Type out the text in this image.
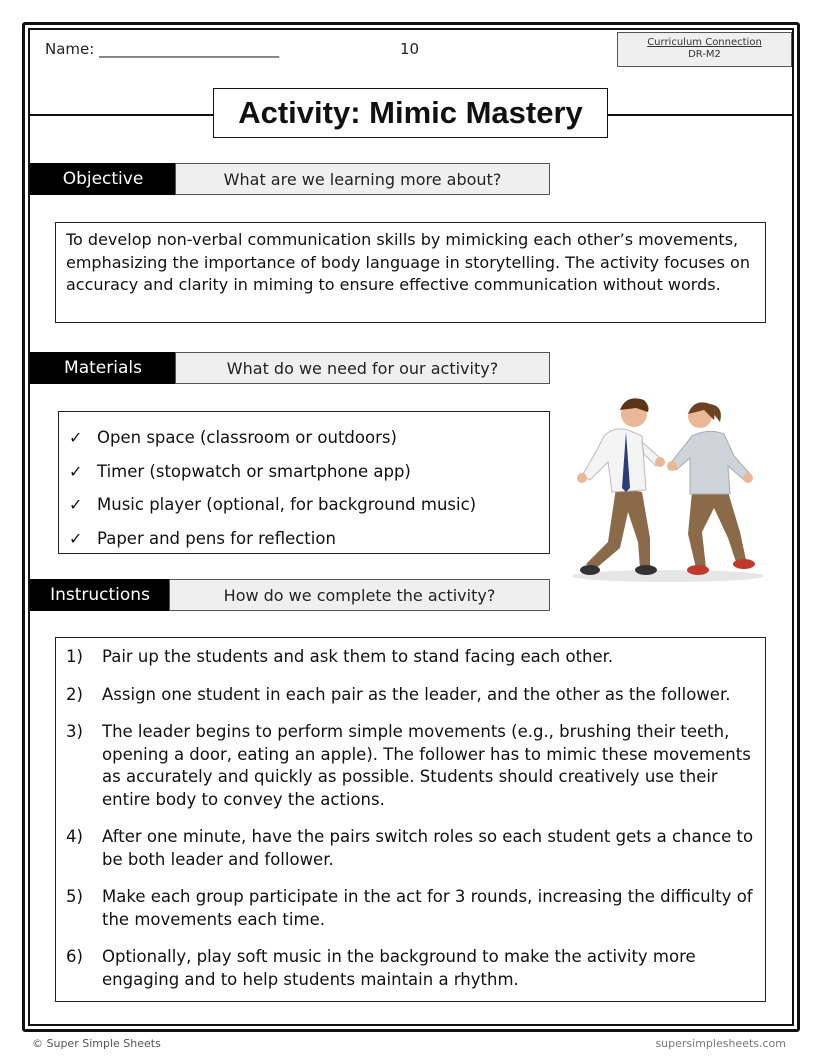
Name: ________________________	10	Curriculum Connection
DR-M2
Activity: Mimic Mastery
Objective	What are we learning more about?
To develop non-verbal communication skills by mimicking each other’s movements, emphasizing the importance of body language in storytelling. The activity focuses on accuracy and clarity in miming to ensure effective communication without words.
Materials	What do we need for our activity?
✓ Open space (classroom or outdoors)
✓ Timer (stopwatch or smartphone app)
✓ Music player (optional, for background music)
✓ Paper and pens for reflection
Instructions	How do we complete the activity?
1)	Pair up the students and ask them to stand facing each other.
2)	Assign one student in each pair as the leader, and the other as the follower.
3)	The leader begins to perform simple movements (e.g., brushing their teeth, opening a door, eating an apple). The follower has to mimic these movements as accurately and quickly as possible. Students should creatively use their entire body to convey the actions.
4)	After one minute, have the pairs switch roles so each student gets a chance to be both leader and follower.
5)	Make each group participate in the act for 3 rounds, increasing the difficulty of the movements each time.
6)	Optionally, play soft music in the background to make the activity more engaging and to help students maintain a rhythm.
© Super Simple Sheets	supersimplesheets.com
